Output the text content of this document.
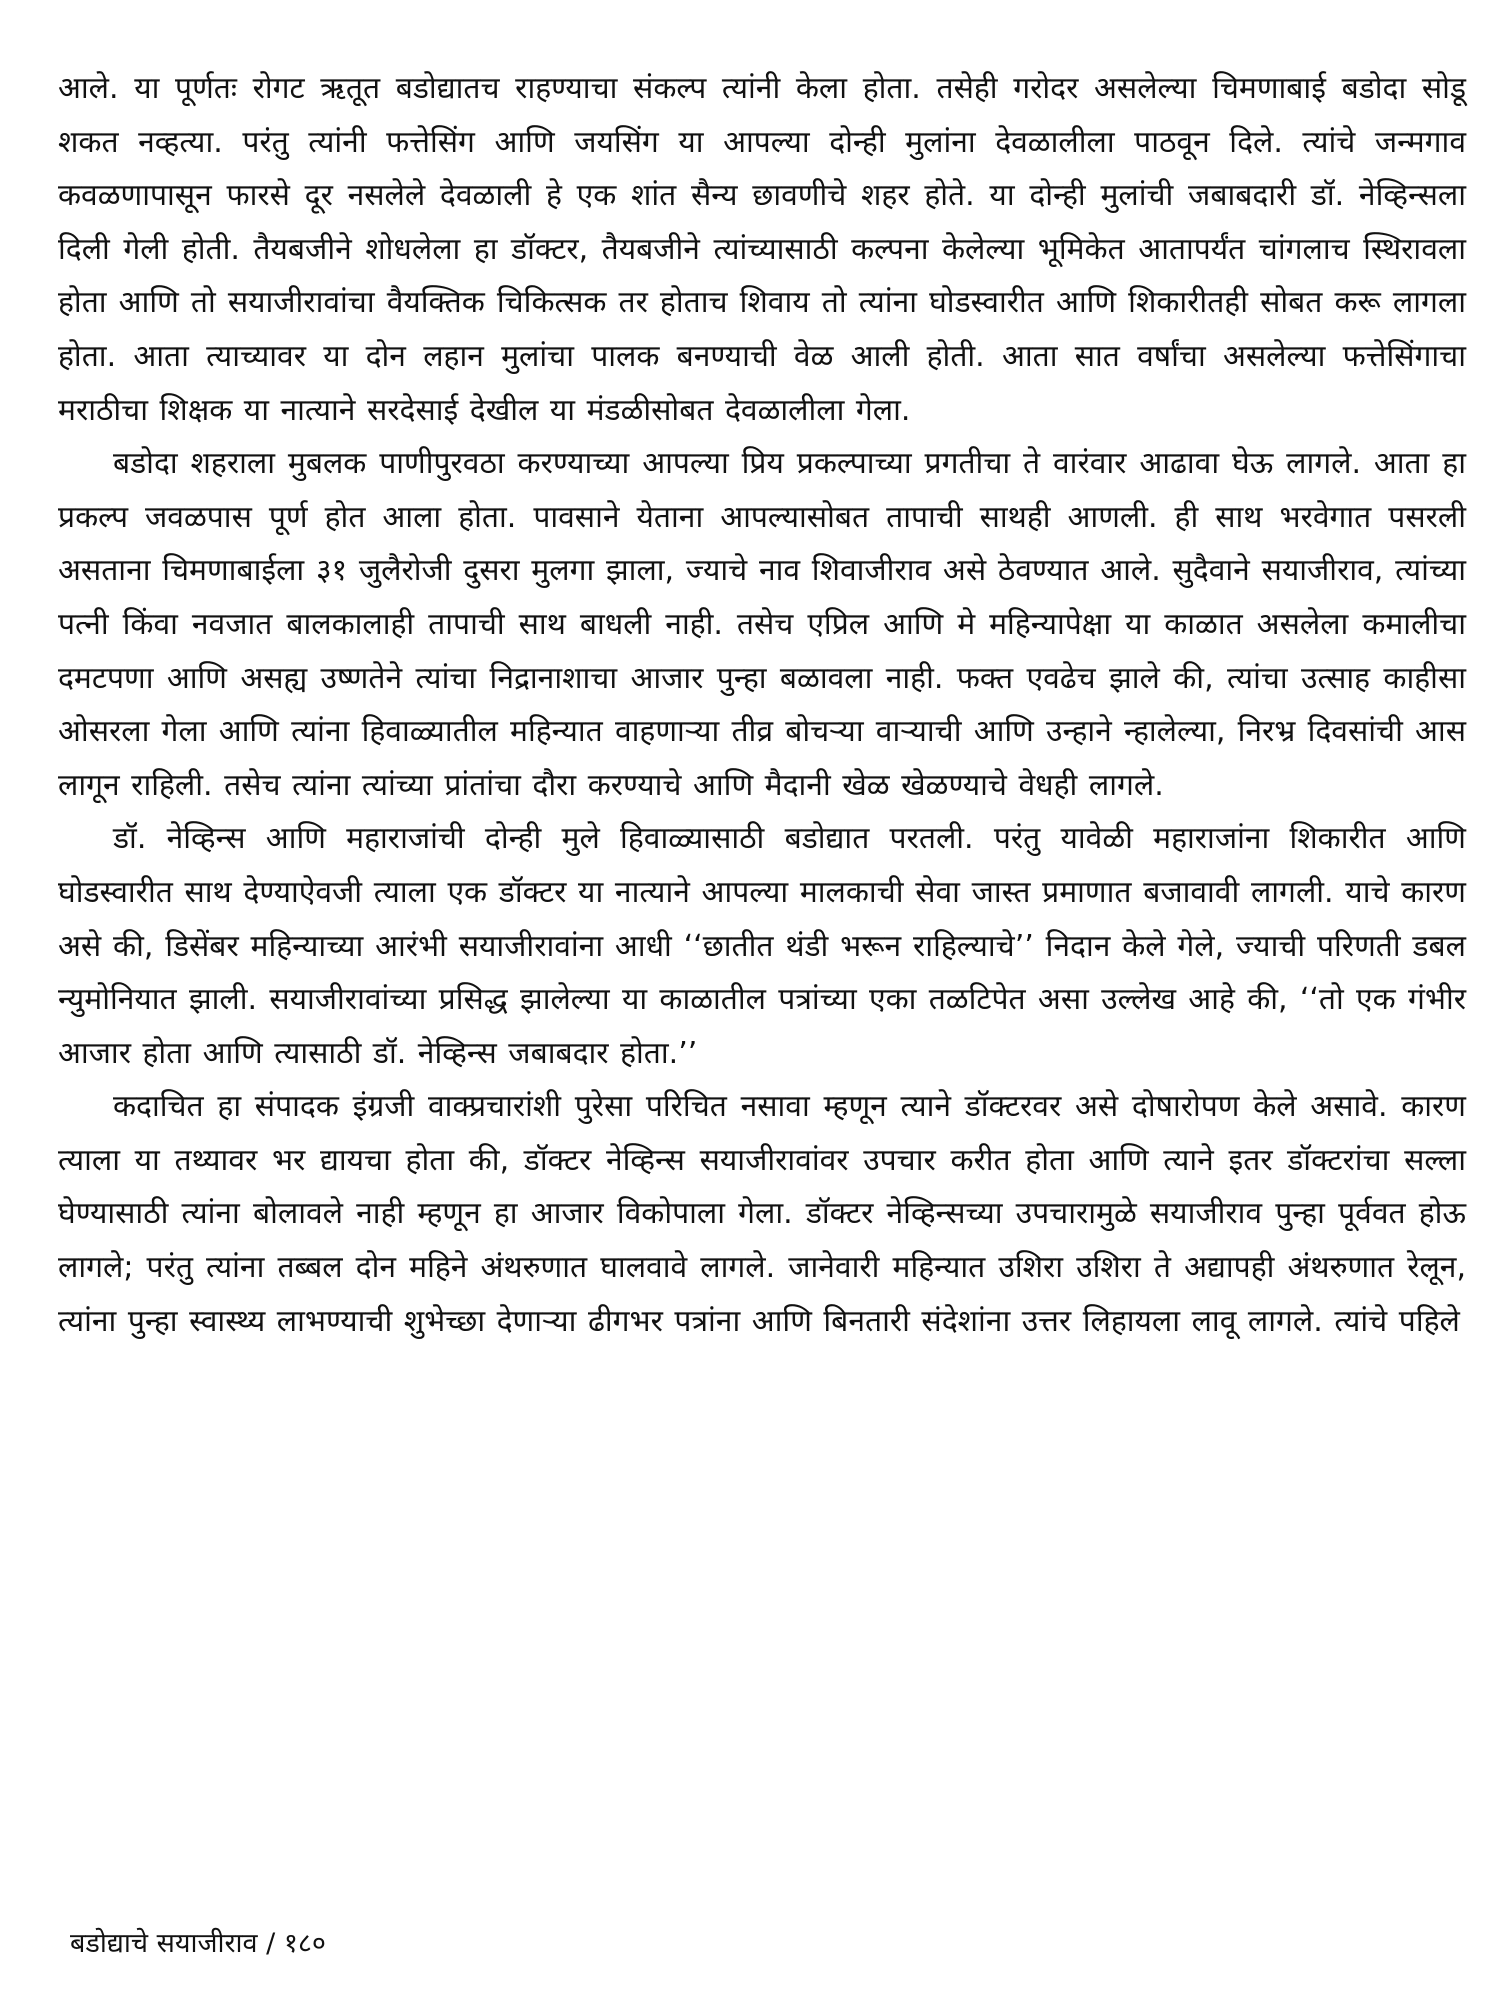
आले. या पूर्णतः रोगट ऋतूत बडोद्यातच राहण्याचा संकल्प त्यांनी केला होता. तसेही गरोदर असलेल्या चिमणाबाई बडोदा सोडू शकत नव्हत्या. परंतु त्यांनी फत्तेसिंग आणि जयसिंग या आपल्या दोन्ही मुलांना देवळालीला पाठवून दिले. त्यांचे जन्मगाव कवळणापासून फारसे दूर नसलेले देवळाली हे एक शांत सैन्य छावणीचे शहर होते. या दोन्ही मुलांची जबाबदारी डॉ. नेव्हिन्सला दिली गेली होती. तैयबजीने शोधलेला हा डॉक्टर, तैयबजीने त्यांच्यासाठी कल्पना केलेल्या भूमिकेत आतापर्यंत चांगलाच स्थिरावला होता आणि तो सयाजीरावांचा वैयक्तिक चिकित्सक तर होताच शिवाय तो त्यांना घोडस्वारीत आणि शिकारीतही सोबत करू लागला होता. आता त्याच्यावर या दोन लहान मुलांचा पालक बनण्याची वेळ आली होती. आता सात वर्षांचा असलेल्या फत्तेसिंगाचा मराठीचा शिक्षक या नात्याने सरदेसाई देखील या मंडळीसोबत देवळालीला गेला.

बडोदा शहराला मुबलक पाणीपुरवठा करण्याच्या आपल्या प्रिय प्रकल्पाच्या प्रगतीचा ते वारंवार आढावा घेऊ लागले. आता हा प्रकल्प जवळपास पूर्ण होत आला होता. पावसाने येताना आपल्यासोबत तापाची साथही आणली. ही साथ भरवेगात पसरली असताना चिमणाबाईला ३१ जुलैरोजी दुसरा मुलगा झाला, ज्याचे नाव शिवाजीराव असे ठेवण्यात आले. सुदैवाने सयाजीराव, त्यांच्या पत्नी किंवा नवजात बालकालाही तापाची साथ बाधली नाही. तसेच एप्रिल आणि मे महिन्यापेक्षा या काळात असलेला कमालीचा दमटपणा आणि असह्य उष्णतेने त्यांचा निद्रानाशाचा आजार पुन्हा बळावला नाही. फक्त एवढेच झाले की, त्यांचा उत्साह काहीसा ओसरला गेला आणि त्यांना हिवाळ्यातील महिन्यात वाहणाऱ्या तीव्र बोचऱ्या वाऱ्याची आणि उन्हाने न्हालेल्या, निरभ्र दिवसांची आस लागून राहिली. तसेच त्यांना त्यांच्या प्रांतांचा दौरा करण्याचे आणि मैदानी खेळ खेळण्याचे वेधही लागले.

डॉ. नेव्हिन्स आणि महाराजांची दोन्ही मुले हिवाळ्यासाठी बडोद्यात परतली. परंतु यावेळी महाराजांना शिकारीत आणि घोडस्वारीत साथ देण्याऐवजी त्याला एक डॉक्टर या नात्याने आपल्या मालकाची सेवा जास्त प्रमाणात बजावावी लागली. याचे कारण असे की, डिसेंबर महिन्याच्या आरंभी सयाजीरावांना आधी ‘‘छातीत थंडी भरून राहिल्याचे’’ निदान केले गेले, ज्याची परिणती डबल न्युमोनियात झाली. सयाजीरावांच्या प्रसिद्ध झालेल्या या काळातील पत्रांच्या एका तळटिपेत असा उल्लेख आहे की, ‘‘तो एक गंभीर आजार होता आणि त्यासाठी डॉ. नेव्हिन्स जबाबदार होता.’’

कदाचित हा संपादक इंग्रजी वाक्प्रचारांशी पुरेसा परिचित नसावा म्हणून त्याने डॉक्टरवर असे दोषारोपण केले असावे. कारण त्याला या तथ्यावर भर द्यायचा होता की, डॉक्टर नेव्हिन्स सयाजीरावांवर उपचार करीत होता आणि त्याने इतर डॉक्टरांचा सल्ला घेण्यासाठी त्यांना बोलावले नाही म्हणून हा आजार विकोपाला गेला. डॉक्टर नेव्हिन्सच्या उपचारामुळे सयाजीराव पुन्हा पूर्ववत होऊ लागले; परंतु त्यांना तब्बल दोन महिने अंथरुणात घालवावे लागले. जानेवारी महिन्यात उशिरा उशिरा ते अद्यापही अंथरुणात रेलून, त्यांना पुन्हा स्वास्थ्य लाभण्याची शुभेच्छा देणाऱ्या ढीगभर पत्रांना आणि बिनतारी संदेशांना उत्तर लिहायला लावू लागले. त्यांचे पहिले

बडोद्याचे सयाजीराव / १८०
